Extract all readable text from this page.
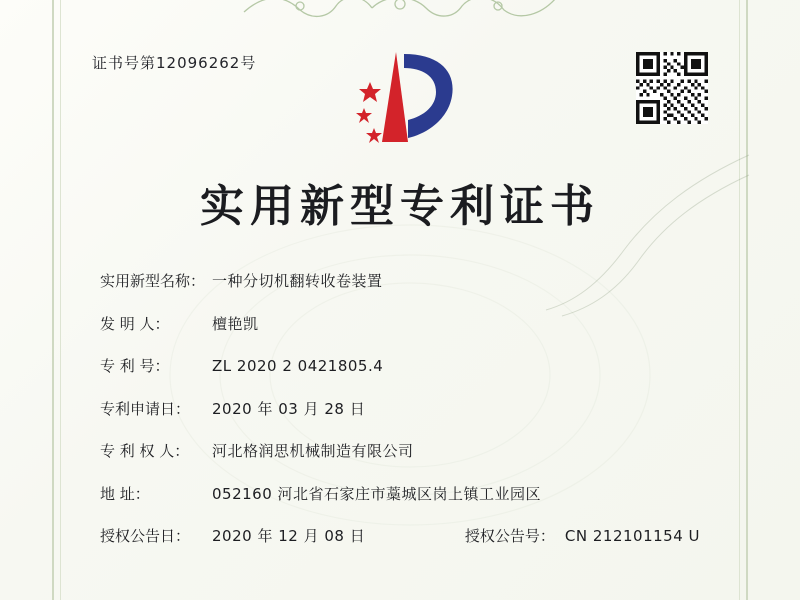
证书号第12096262号
实用新型专利证书
实用新型名称： 一种分切机翻转收卷装置
发 明 人：	檀艳凯
专 利 号：	ZL 2020 2 0421805.4
专利申请日：	2020 年 03 月 28 日
专 利 权 人：	河北格润思机械制造有限公司
地 址：	052160 河北省石家庄市藁城区岗上镇工业园区
授权公告日：	2020 年 12 月 08 日	授权公告号： CN 212101154 U
